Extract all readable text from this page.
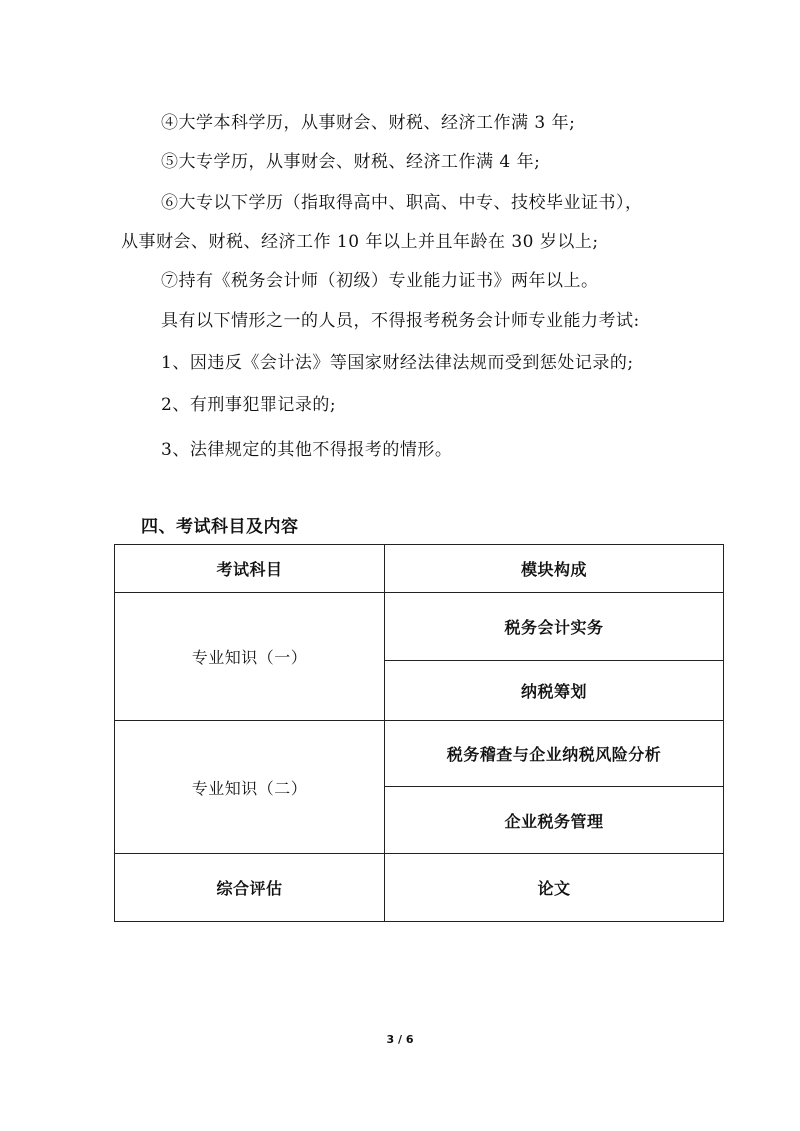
④大学本科学历，从事财会、财税、经济工作满 3 年;
⑤大专学历，从事财会、财税、经济工作满 4 年;
⑥大专以下学历（指取得高中、职高、中专、技校毕业证书），
从事财会、财税、经济工作 10 年以上并且年龄在 30 岁以上;
⑦持有《税务会计师（初级）专业能力证书》两年以上。
具有以下情形之一的人员，不得报考税务会计师专业能力考试:
1、因违反《会计法》等国家财经法律法规而受到惩处记录的;
2、有刑事犯罪记录的;
3、法律规定的其他不得报考的情形。
四、考试科目及内容
考试科目	模块构成
专业知识（一）	税务会计实务
	纳税筹划
专业知识（二）	税务稽查与企业纳税风险分析
	企业税务管理
综合评估	论文
3 / 6
